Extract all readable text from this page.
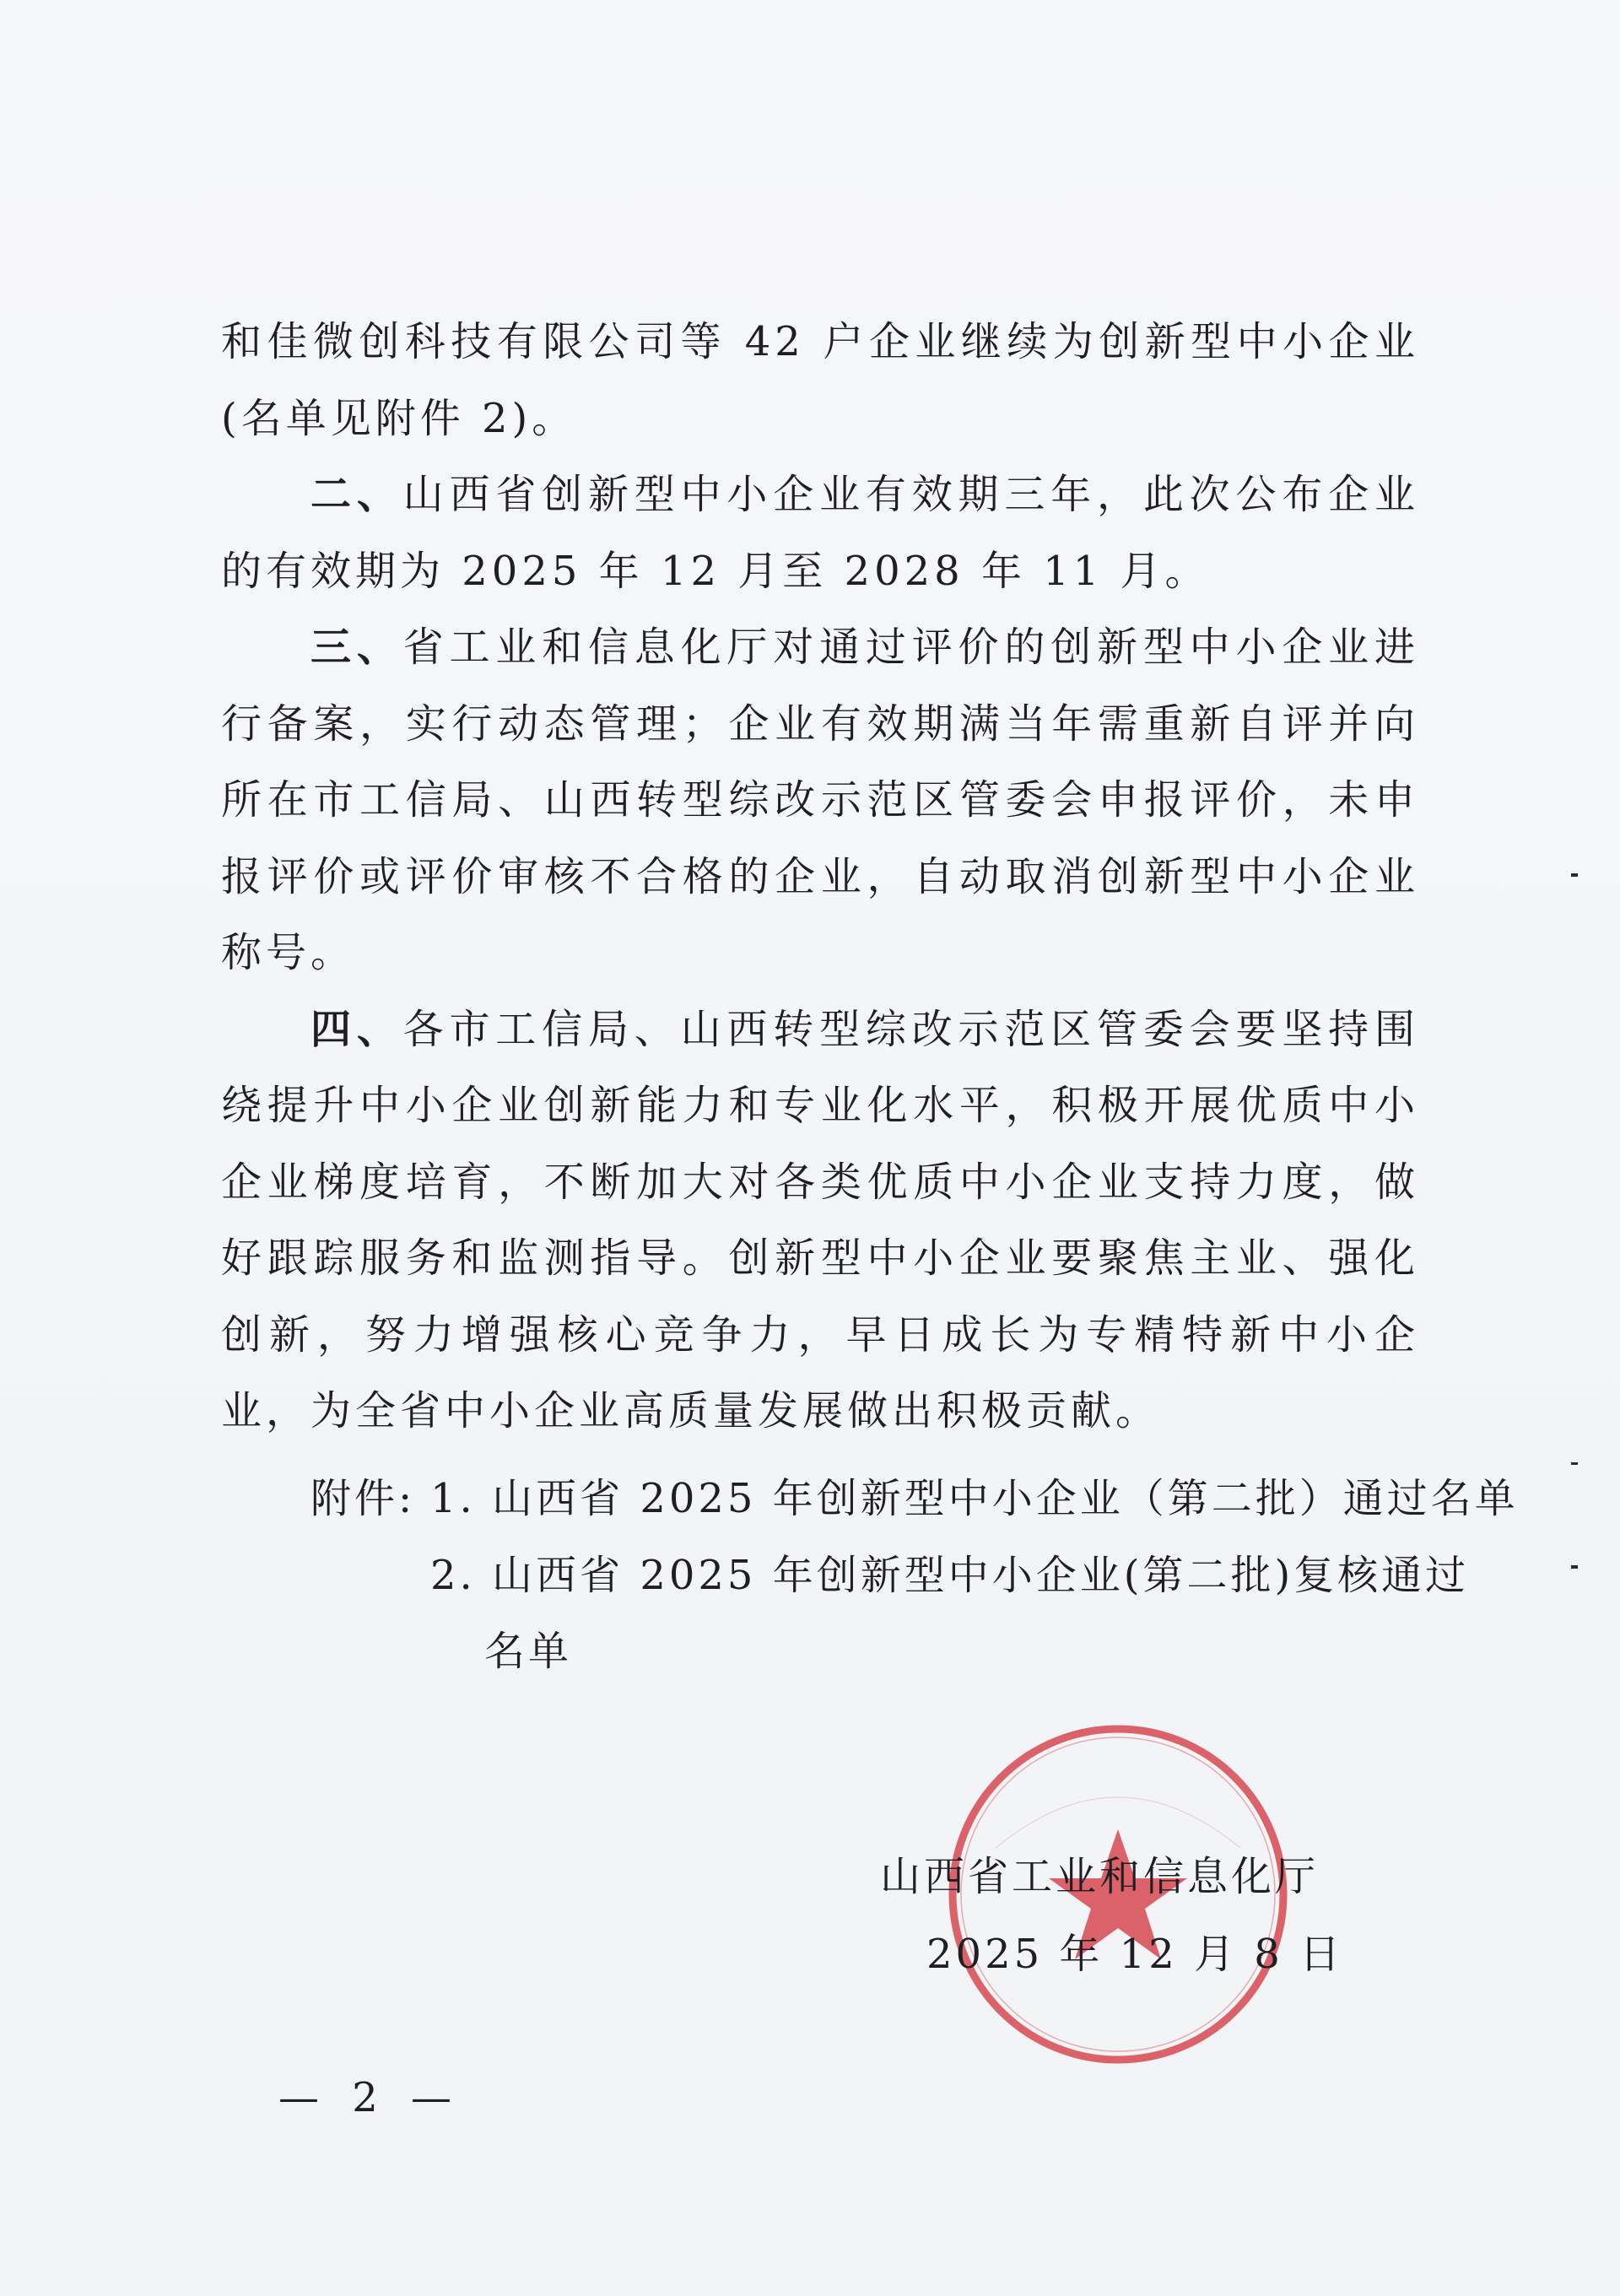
和佳微创科技有限公司等 42 户企业继续为创新型中小企业(名单见附件 2)。

二、山西省创新型中小企业有效期三年，此次公布企业的有效期为 2025 年 12 月至 2028 年 11 月。

三、省工业和信息化厅对通过评价的创新型中小企业进行备案，实行动态管理；企业有效期满当年需重新自评并向所在市工信局、山西转型综改示范区管委会申报评价，未申报评价或评价审核不合格的企业，自动取消创新型中小企业称号。

四、各市工信局、山西转型综改示范区管委会要坚持围绕提升中小企业创新能力和专业化水平，积极开展优质中小企业梯度培育，不断加大对各类优质中小企业支持力度，做好跟踪服务和监测指导。创新型中小企业要聚焦主业、强化创新，努力增强核心竞争力，早日成长为专精特新中小企业，为全省中小企业高质量发展做出积极贡献。

附件: 1. 山西省 2025 年创新型中小企业（第二批）通过名单
2. 山西省 2025 年创新型中小企业(第二批)复核通过
名单
山西省工业和信息化厅
2025 年 12 月 8 日
— 2 —
